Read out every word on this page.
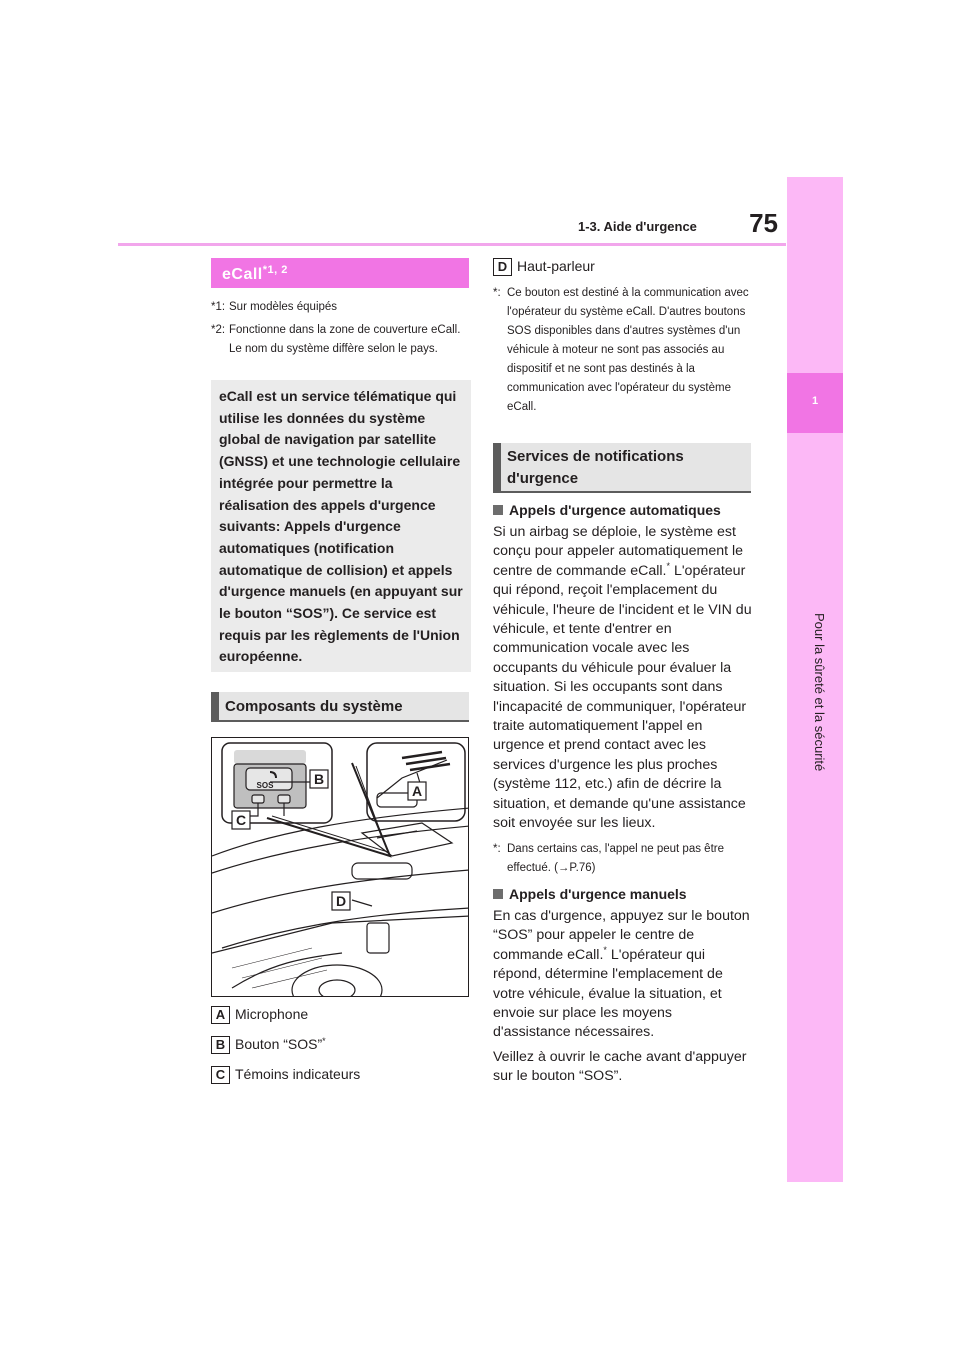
1-3. Aide d'urgence	75
1
Pour la sûreté et la sécurité
eCall$^{*1, 2}$
*1: Sur modèles équipés
*2: Fonctionne dans la zone de couverture eCall. Le nom du système diffère selon le pays.
eCall est un service télématique qui utilise les données du système global de navigation par satellite (GNSS) et une technologie cellulaire intégrée pour permettre la réalisation des appels d'urgence suivants: Appels d'urgence automatiques (notification automatique de collision) et appels d'urgence manuels (en appuyant sur le bouton “SOS”). Ce service est requis par les règlements de l'Union européenne.
Composants du système
SOS	B
A
C
D
A Microphone
B Bouton “SOS”*
C Témoins indicateurs
D Haut-parleur
*: Ce bouton est destiné à la communication avec l'opérateur du système eCall. D'autres boutons SOS disponibles dans d'autres systèmes d'un véhicule à moteur ne sont pas associés au dispositif et ne sont pas destinés à la communication avec l'opérateur du système eCall.
Services de notifications d'urgence
Appels d'urgence automatiques
Si un airbag se déploie, le système est conçu pour appeler automatiquement le centre de commande eCall.* L'opérateur qui répond, reçoit l'emplacement du véhicule, l'heure de l'incident et le VIN du véhicule, et tente d'entrer en communication vocale avec les occupants du véhicule pour évaluer la situation. Si les occupants sont dans l'incapacité de communiquer, l'opérateur traite automatiquement l'appel en urgence et prend contact avec les services d'urgence les plus proches (système 112, etc.) afin de décrire la situation, et demande qu'une assistance soit envoyée sur les lieux.
*: Dans certains cas, l'appel ne peut pas être effectué. (→P.76)
Appels d'urgence manuels
En cas d'urgence, appuyez sur le bouton “SOS” pour appeler le centre de commande eCall.* L'opérateur qui répond, détermine l'emplacement de votre véhicule, évalue la situation, et envoie sur place les moyens d'assistance nécessaires.
Veillez à ouvrir le cache avant d'appuyer sur le bouton “SOS”.
